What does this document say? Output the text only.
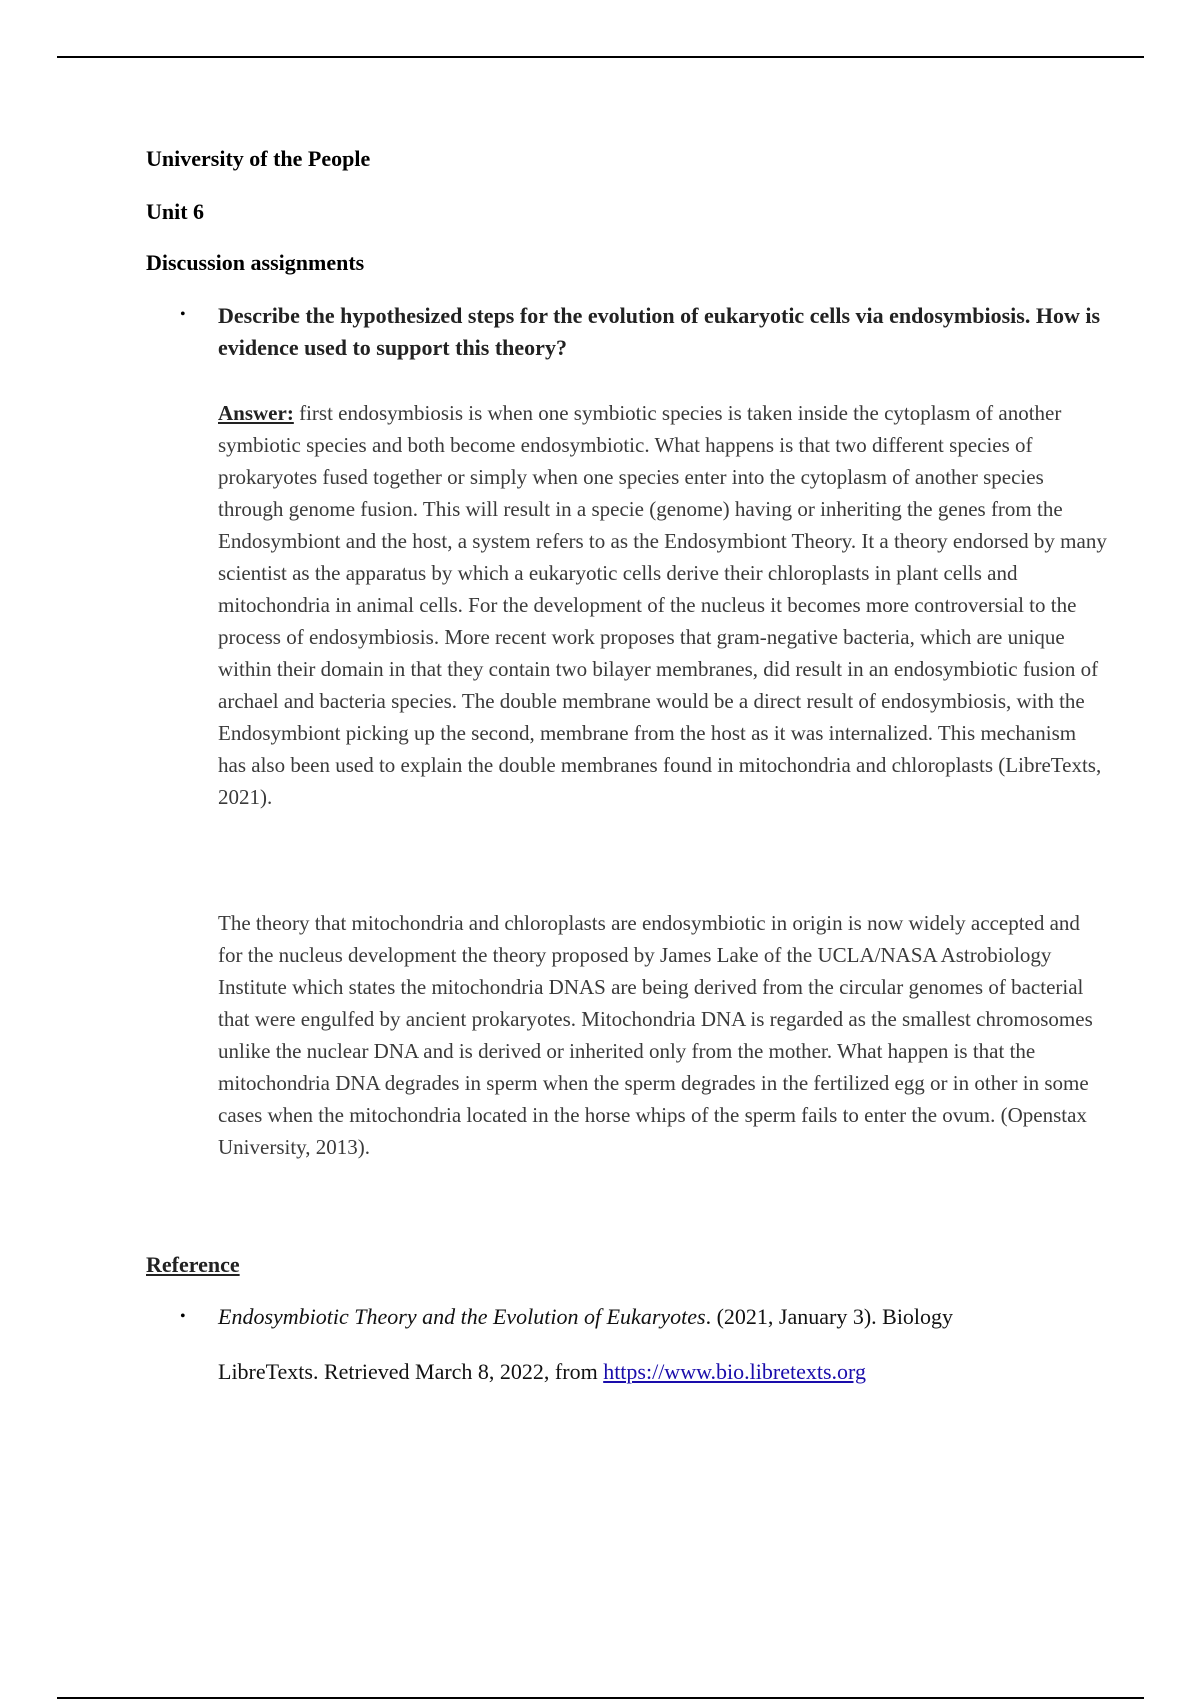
University of the People

Unit 6

Discussion assignments

• Describe the hypothesized steps for the evolution of eukaryotic cells via endosymbiosis. How is evidence used to support this theory?

Answer: first endosymbiosis is when one symbiotic species is taken inside the cytoplasm of another symbiotic species and both become endosymbiotic. What happens is that two different species of prokaryotes fused together or simply when one species enter into the cytoplasm of another species through genome fusion. This will result in a specie (genome) having or inheriting the genes from the Endosymbiont and the host, a system refers to as the Endosymbiont Theory. It a theory endorsed by many scientist as the apparatus by which a eukaryotic cells derive their chloroplasts in plant cells and mitochondria in animal cells. For the development of the nucleus it becomes more controversial to the process of endosymbiosis. More recent work proposes that gram-negative bacteria, which are unique within their domain in that they contain two bilayer membranes, did result in an endosymbiotic fusion of archael and bacteria species. The double membrane would be a direct result of endosymbiosis, with the Endosymbiont picking up the second, membrane from the host as it was internalized. This mechanism has also been used to explain the double membranes found in mitochondria and chloroplasts (LibreTexts, 2021).

The theory that mitochondria and chloroplasts are endosymbiotic in origin is now widely accepted and for the nucleus development the theory proposed by James Lake of the UCLA/NASA Astrobiology Institute which states the mitochondria DNAS are being derived from the circular genomes of bacterial that were engulfed by ancient prokaryotes. Mitochondria DNA is regarded as the smallest chromosomes unlike the nuclear DNA and is derived or inherited only from the mother. What happen is that the mitochondria DNA degrades in sperm when the sperm degrades in the fertilized egg or in other in some cases when the mitochondria located in the horse whips of the sperm fails to enter the ovum. (Openstax University, 2013).

Reference

• Endosymbiotic Theory and the Evolution of Eukaryotes. (2021, January 3). Biology

LibreTexts. Retrieved March 8, 2022, from https://www.bio.libretexts.org
